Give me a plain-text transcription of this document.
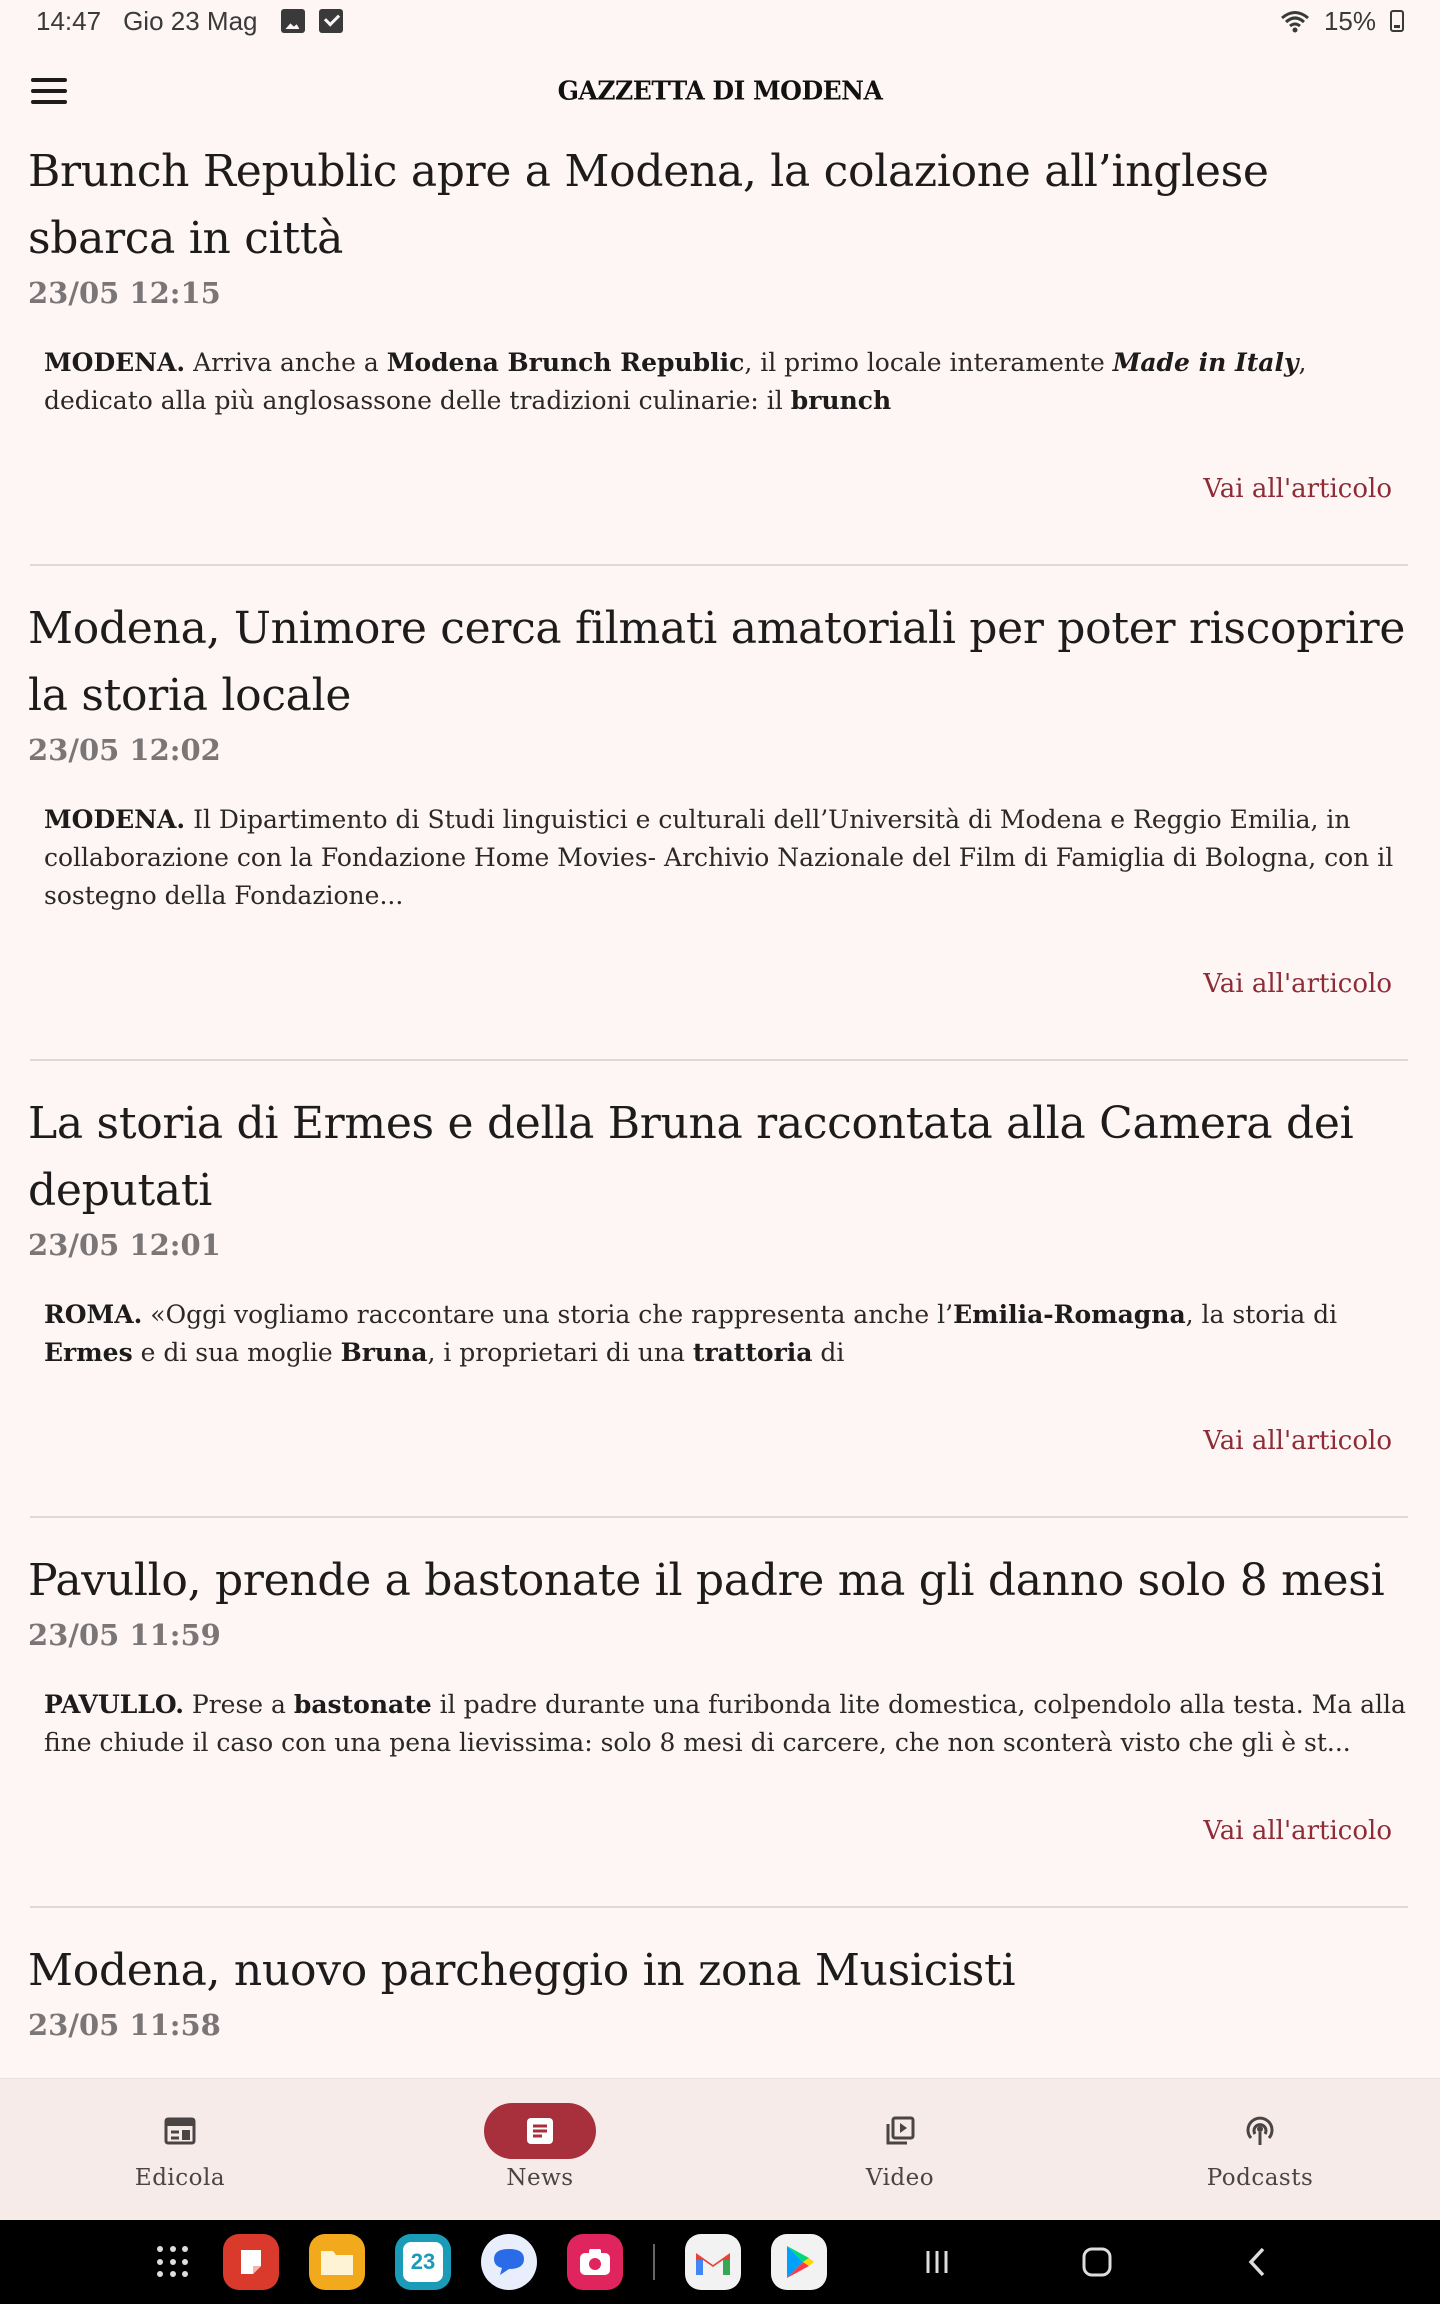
14:47 Gio 23 Mag	15%
GAZZETTA DI MODENA
Brunch Republic apre a Modena, la colazione all’inglese sbarca in città
23/05 12:15
MODENA. Arriva anche a Modena Brunch Republic, il primo locale interamente Made in Italy, dedicato alla più anglosassone delle tradizioni culinarie: il brunch
Vai all'articolo
Modena, Unimore cerca filmati amatoriali per poter riscoprire la storia locale
23/05 12:02
MODENA. Il Dipartimento di Studi linguistici e culturali dell’Università di Modena e Reggio Emilia, in collaborazione con la Fondazione Home Movies- Archivio Nazionale del Film di Famiglia di Bologna, con il sostegno della Fondazione...
Vai all'articolo
La storia di Ermes e della Bruna raccontata alla Camera dei deputati
23/05 12:01
ROMA. «Oggi vogliamo raccontare una storia che rappresenta anche l’Emilia-Romagna, la storia di Ermes e di sua moglie Bruna, i proprietari di una trattoria di
Vai all'articolo
Pavullo, prende a bastonate il padre ma gli danno solo 8 mesi
23/05 11:59
PAVULLO. Prese a bastonate il padre durante una furibonda lite domestica, colpendolo alla testa. Ma alla fine chiude il caso con una pena lievissima: solo 8 mesi di carcere, che non sconterà visto che gli è st...
Vai all'articolo
Modena, nuovo parcheggio in zona Musicisti
23/05 11:58
Edicola	News	Video	Podcasts
23
